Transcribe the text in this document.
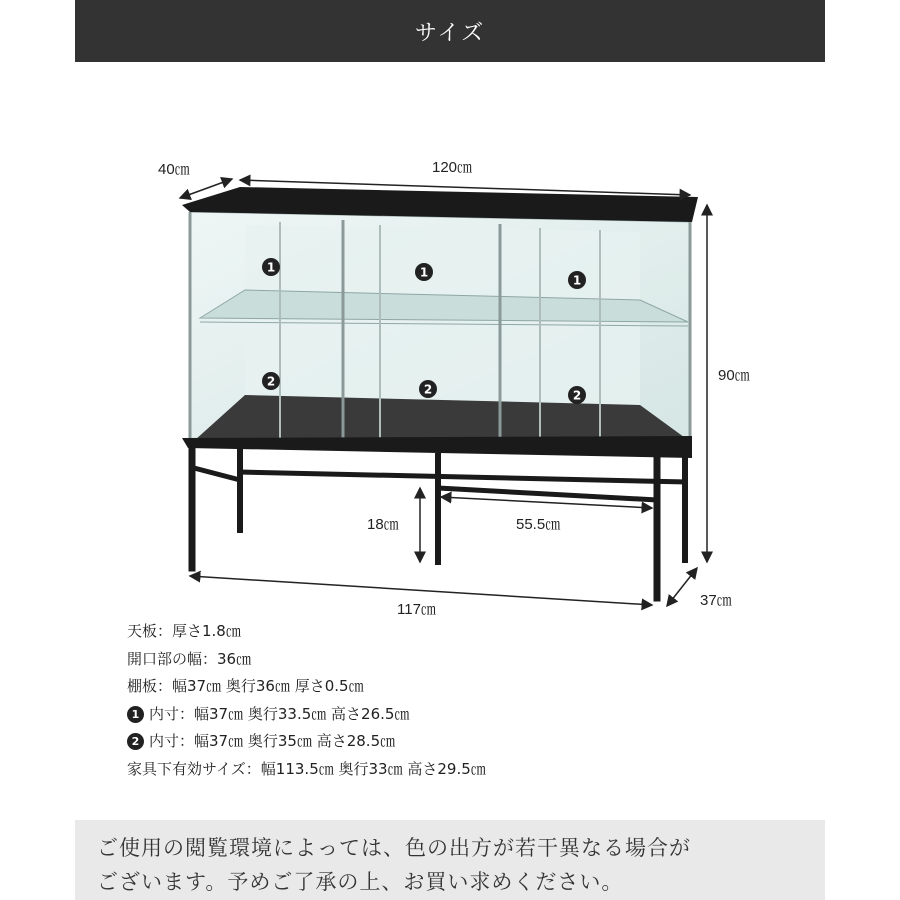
サイズ
1	1
1
2
2	2
40㎝	120㎝
90㎝
18㎝	55.5㎝
117㎝
37㎝
天板：厚さ1.8㎝
開口部の幅：36㎝
棚板：幅37㎝ 奥行36㎝ 厚さ0.5㎝
1 内寸：幅37㎝ 奥行33.5㎝ 高さ26.5㎝
2 内寸：幅37㎝ 奥行35㎝ 高さ28.5㎝
家具下有効サイズ：幅113.5㎝ 奥行33㎝ 高さ29.5㎝
ご使用の閲覧環境によっては、色の出方が若干異なる場合が
ございます。予めご了承の上、お買い求めください。
